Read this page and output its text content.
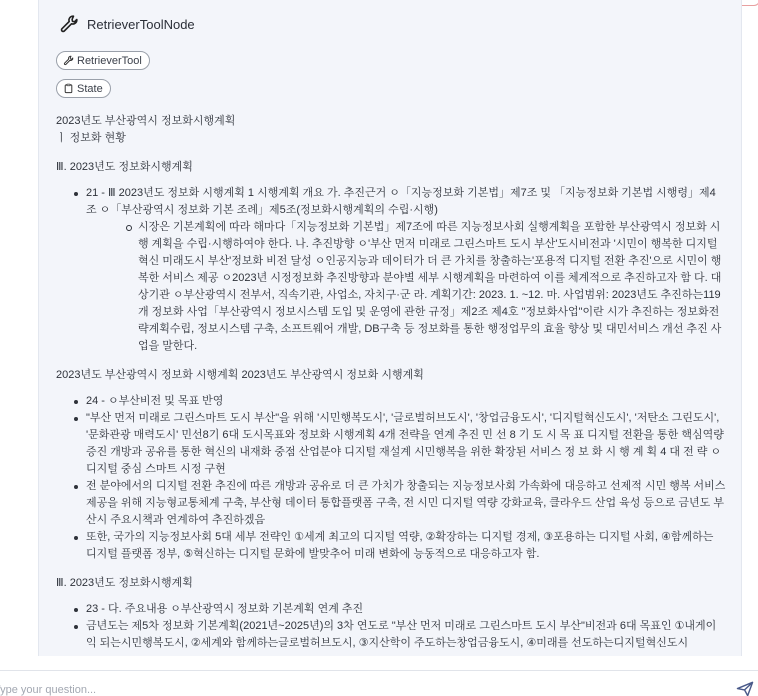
RetrieverToolNode
RetrieverTool
State

2023년도 부산광역시 정보화시행계획

ㅣ 정보화 현황

Ⅲ. 2023년도 정보화시행계획

21 - Ⅲ 2023년도 정보화 시행계획 1 시행계획 개요 가. 추진근거 ㅇ「지능정보화 기본법」제7조 및 「지능정보화 기본법 시행령」제4조 ㅇ「부산광역시 정보화 기본 조례」제5조(정보화시행계획의 수립·시행)
시장은 기본계획에 따라 해마다「지능정보화 기본법」제7조에 따른 지능정보사회 실행계획을 포함한 부산광역시 정보화 시행 계획을 수립·시행하여야 한다. 나. 추진방향 ㅇ'부산 먼저 미래로 그린스마트 도시 부산'도시비전과 '시민이 행복한 디지털 혁신 미래도시 부산'정보화 비전 달성 ㅇ인공지능과 데이터가 더 큰 가치를 창출하는'포용적 디지털 전환 추진'으로 시민이 행복한 서비스 제공 ㅇ2023년 시정정보화 추진방향과 분야별 세부 시행계획을 마련하여 이를 체계적으로 추진하고자 함 다. 대상기관 ㅇ부산광역시 전부서, 직속기관, 사업소, 자치구·군 라. 계획기간: 2023. 1. ~12. 마. 사업범위: 2023년도 추진하는119개 정보화 사업「부산광역시 정보시스템 도입 및 운영에 관한 규정」제2조 제4호 "정보화사업"이란 시가 추진하는 정보화전략계획수립, 정보시스템 구축, 소프트웨어 개발, DB구축 등 정보화를 통한 행정업무의 효율 향상 및 대민서비스 개선 추진 사업을 말한다.

2023년도 부산광역시 정보화 시행계획 2023년도 부산광역시 정보화 시행계획

24 - ㅇ부산비전 및 목표 반영
"부산 먼저 미래로 그린스마트 도시 부산"을 위해 '시민행복도시', '글로벌허브도시', '창업금융도시', '디지털혁신도시', '저탄소 그린도시', '문화관광 매력도시' 민선8기 6대 도시목표와 정보화 시행계획 4개 전략을 연계 추진 민 선 8 기 도 시 목 표 디지털 전환을 통한 핵심역량 증진 개방과 공유를 통한 혁신의 내재화 중점 산업분야 디지털 재설계 시민행복을 위한 확장된 서비스 정 보 화 시 행 계 획 4 대 전 략 ㅇ디지털 중심 스마트 시정 구현
전 분야에서의 디지털 전환 추진에 따른 개방과 공유로 더 큰 가치가 창출되는 지능정보사회 가속화에 대응하고 선제적 시민 행복 서비스 제공을 위해 지능형교통체계 구축, 부산형 데이터 통합플랫폼 구축, 전 시민 디지털 역량 강화교육, 클라우드 산업 육성 등으로 금년도 부산시 주요시책과 연계하여 추진하겠음
또한, 국가의 지능정보사회 5대 세부 전략인 ①세계 최고의 디지털 역량, ②확장하는 디지털 경제, ③포용하는 디지털 사회, ④함께하는 디지털 플랫폼 정부, ⑤혁신하는 디지털 문화에 발맞추어 미래 변화에 능동적으로 대응하고자 함.

Ⅲ. 2023년도 정보화시행계획

23 - 다. 주요내용 ㅇ부산광역시 정보화 기본계획 연계 추진
금년도는 제5차 정보화 기본계획(2021년~2025년)의 3차 연도로 "부산 먼저 미래로 그린스마트 도시 부산"비전과 6대 목표인 ①내게이익 되는시민행복도시, ②세계와 함께하는글로벌허브도시, ③지산학이 주도하는창업금융도시, ④미래를 선도하는디지털혁신도시
Type your question...
